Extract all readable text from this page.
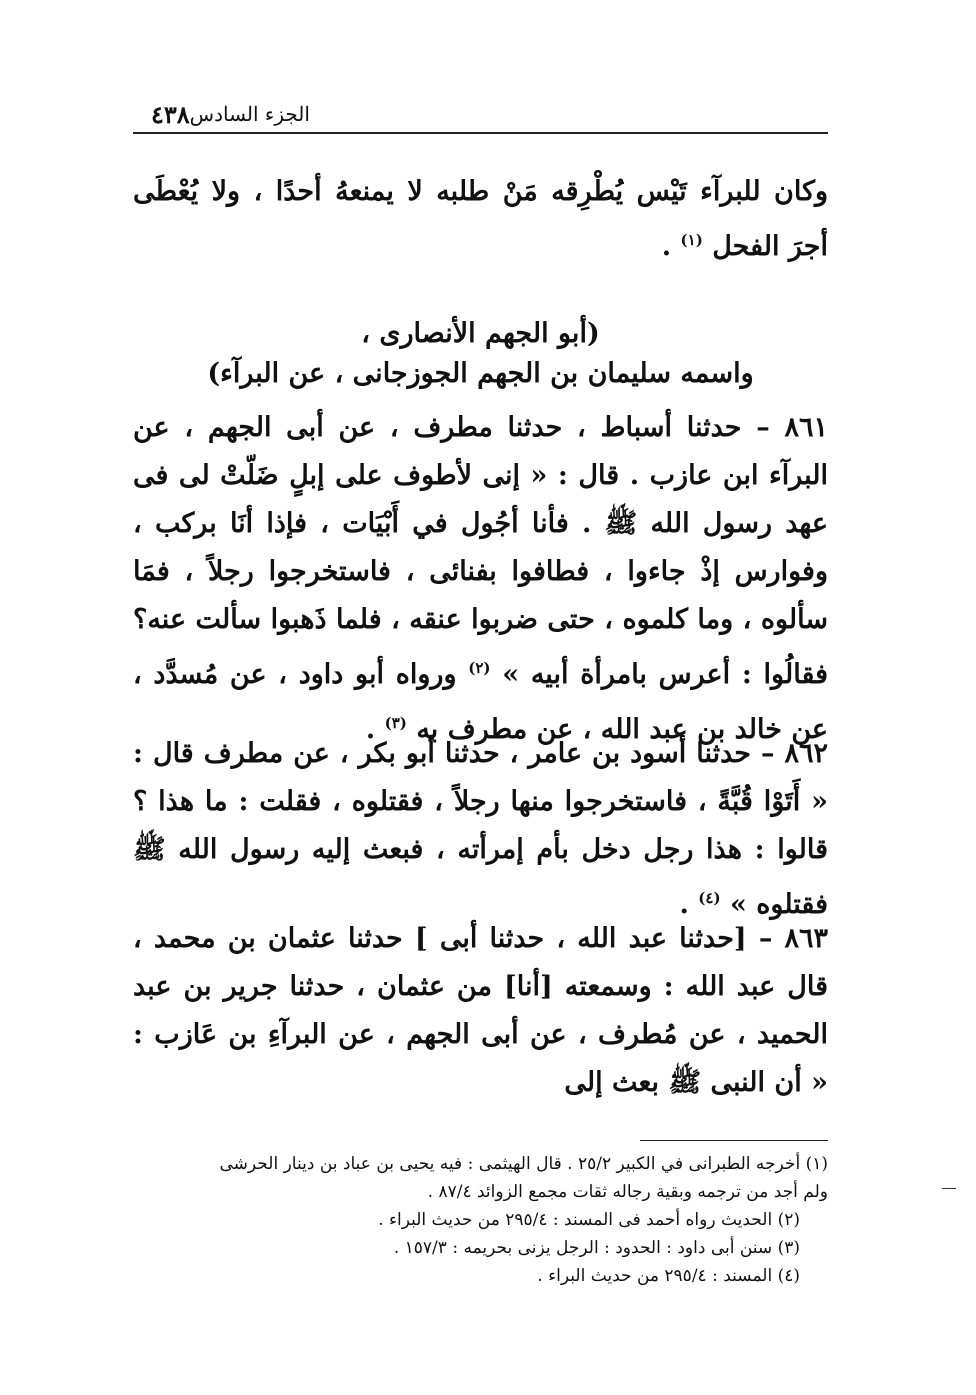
٤٣٨ الجزء السادس

وكان للبرآء تَيْس يُطْرِقه مَنْ طلبه لا يمنعهُ أحدًا ، ولا يُعْطَى أجرَ الفحل $^{(١)}$ .

(أبو الجهم الأنصارى ،

واسمه سليمان بن الجهم الجوزجانى ، عن البرآء)

٨٦١ – حدثنا أسباط ، حدثنا مطرف ، عن أبى الجهم ، عن البرآء ابن عازب . قال : « إنى لأطوف على إبلٍ ضَلّتْ لى فى عهد رسول الله ﷺ . فأنا أجُول في أَبْيَات ، فإذا أنَا بركب ، وفوارس إذْ جاءوا ، فطافوا بفنائى ، فاستخرجوا رجلاً ، فمَا سألوه ، وما كلموه ، حتى ضربوا عنقه ، فلما ذَهبوا سألت عنه؟ فقالُوا : أعرس بامرأة أبيه » $^{(٢)}$ ورواه أبو داود ، عن مُسدَّد ، عن خالد بن عبد الله ، عن مطرف به $^{(٣)}$ .

٨٦٢ – حدثنا أسود بن عامر ، حدثنا أبو بكر ، عن مطرف قال : « أَتَوْا قُبَّةً ، فاستخرجوا منها رجلاً ، فقتلوه ، فقلت : ما هذا ؟ قالوا : هذا رجل دخل بأم إمرأته ، فبعث إليه رسول الله ﷺ فقتلوه » $^{(٤)}$ .

٨٦٣ – [حدثنا عبد الله ، حدثنا أبى ] حدثنا عثمان بن محمد ، قال عبد الله : وسمعته [أنا] من عثمان ، حدثنا جرير بن عبد الحميد ، عن مُطرف ، عن أبى الجهم ، عن البرآءِ بن عَازب : « أن النبى ﷺ بعث إلى

(١) أخرجه الطبرانى في الكبير ٢٥/٢ . قال الهيثمى : فيه يحيى بن عباد بن دينار الحرشى
ولم أجد من ترجمه وبقية رجاله ثقات مجمع الزوائد ٨٧/٤ .
(٢) الحديث رواه أحمد فى المسند : ٢٩٥/٤ من حديث البراء .
(٣) سنن أبى داود : الحدود : الرجل يزنى بحريمه : ١٥٧/٣ .
(٤) المسند : ٢٩٥/٤ من حديث البراء .
